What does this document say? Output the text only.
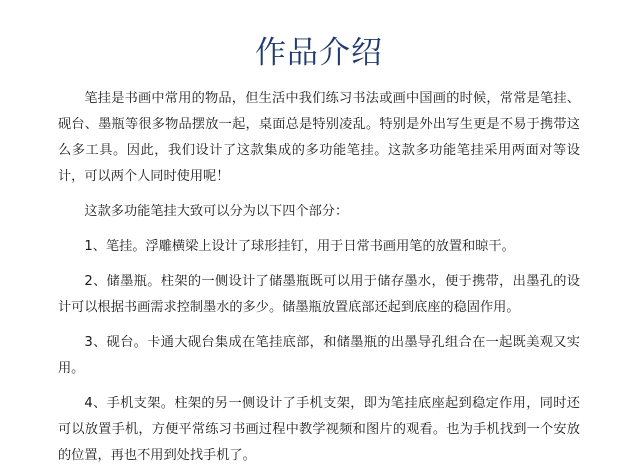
作品介绍

笔挂是书画中常用的物品，但生活中我们练习书法或画中国画的时候，常常是笔挂、砚台、墨瓶等很多物品摆放一起，桌面总是特别凌乱。特别是外出写生更是不易于携带这么多工具。因此，我们设计了这款集成的多功能笔挂。这款多功能笔挂采用两面对等设计，可以两个人同时使用呢！

这款多功能笔挂大致可以分为以下四个部分：

1、笔挂。浮雕横梁上设计了球形挂钉，用于日常书画用笔的放置和晾干。

2、储墨瓶。柱架的一侧设计了储墨瓶既可以用于储存墨水，便于携带，出墨孔的设计可以根据书画需求控制墨水的多少。储墨瓶放置底部还起到底座的稳固作用。

3、砚台。卡通大砚台集成在笔挂底部，和储墨瓶的出墨导孔组合在一起既美观又实用。

4、手机支架。柱架的另一侧设计了手机支架，即为笔挂底座起到稳定作用，同时还可以放置手机，方便平常练习书画过程中教学视频和图片的观看。也为手机找到一个安放的位置，再也不用到处找手机了。
